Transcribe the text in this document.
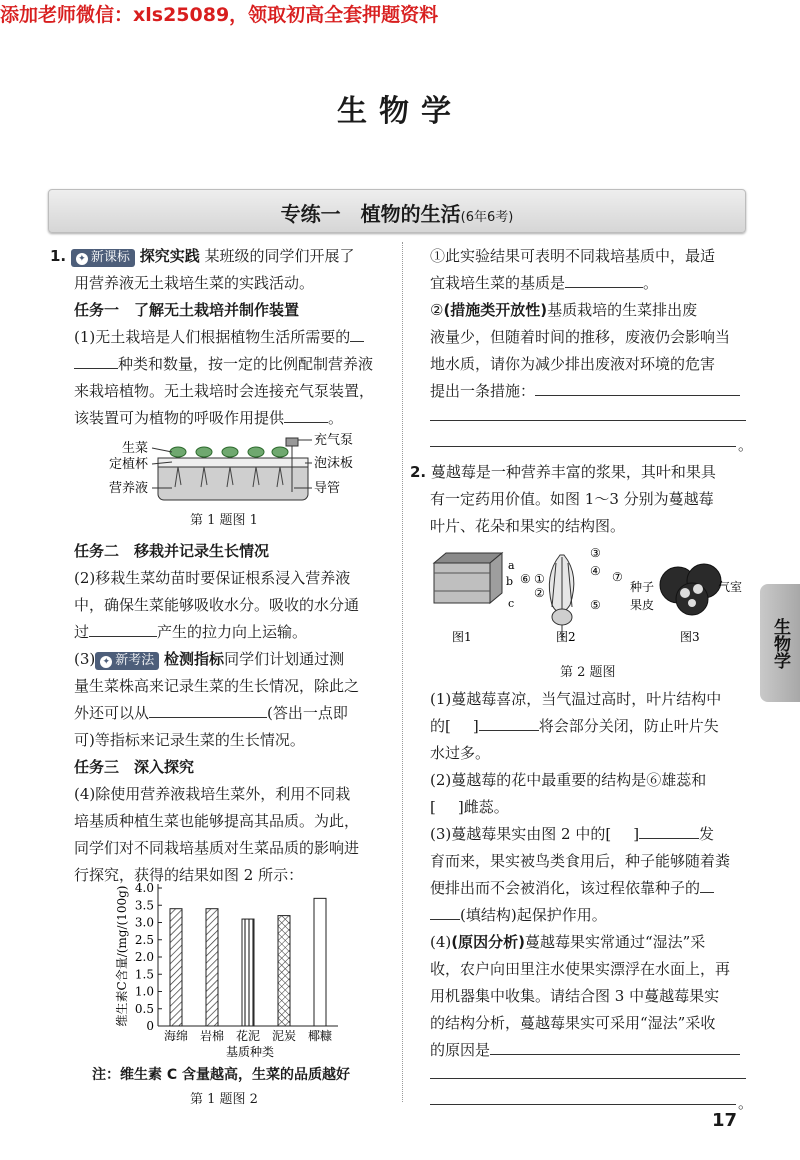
添加老师微信：xls25089，领取初高全套押题资料
生物学
专练一　植物的生活(6年6考)
1. ✦ 新课标 探究实践 某班级的同学们开展了
用营养液无土栽培生菜的实践活动。
任务一　了解无土栽培并制作装置
(1)无土栽培是人们根据植物生活所需要的
种类和数量，按一定的比例配制营养液
来栽培植物。无土栽培时会连接充气泵装置，
该装置可为植物的呼吸作用提供	。
生菜
定植杯
营养液
充气泵
泡沫板
导管
第 1 题图 1
任务二　移栽并记录生长情况
(2)移栽生菜幼苗时要保证根系浸入营养液
中，确保生菜能够吸收水分。吸收的水分通
过	产生的拉力向上运输。
(3) ✦ 新考法 检测指标同学们计划通过测
量生菜株高来记录生菜的生长情况，除此之
外还可以从	(答出一点即
可)等指标来记录生菜的生长情况。
任务三　深入探究
(4)除使用营养液栽培生菜外，利用不同栽
培基质种植生菜也能够提高其品质。为此，
同学们对不同栽培基质对生菜品质的影响进
行探究，获得的结果如图 2 所示：
维生素C含量/(mg/(100g) 0
0.5
1.0
1.5
2.0
2.5
3.0
3.5
4.0
海绵 岩棉 花泥 泥炭 椰糠
基质种类
注：维生素 C 含量越高，生菜的品质越好
第 1 题图 2
①此实验结果可表明不同栽培基质中，最适
宜栽培生菜的基质是	。
②(措施类开放性)基质栽培的生菜排出废
液量少，但随着时间的推移，废液仍会影响当
地水质，请你为减少排出废液对环境的危害
提出一条措施：
。
2. 蔓越莓是一种营养丰富的浆果，其叶和果具
有一定药用价值。如图 1～3 分别为蔓越莓
叶片、花朵和果实的结构图。
a
b
c
⑥ ①
②
③
④
⑤
⑦
种子
果皮
气室
图1	图2	图3
第 2 题图
(1)蔓越莓喜凉，当气温过高时，叶片结构中
的[ ]	将会部分关闭，防止叶片失
水过多。
(2)蔓越莓的花中最重要的结构是⑥雄蕊和
[ ]雌蕊。
(3)蔓越莓果实由图 2 中的[ ]	发
育而来，果实被鸟类食用后，种子能够随着粪
便排出而不会被消化，该过程依靠种子的
(填结构)起保护作用。
(4)(原因分析)蔓越莓果实常通过“湿法”采
收，农户向田里注水使果实漂浮在水面上，再
用机器集中收集。请结合图 3 中蔓越莓果实
的结构分析，蔓越莓果实可采用“湿法”采收
的原因是
。
生物学
17
